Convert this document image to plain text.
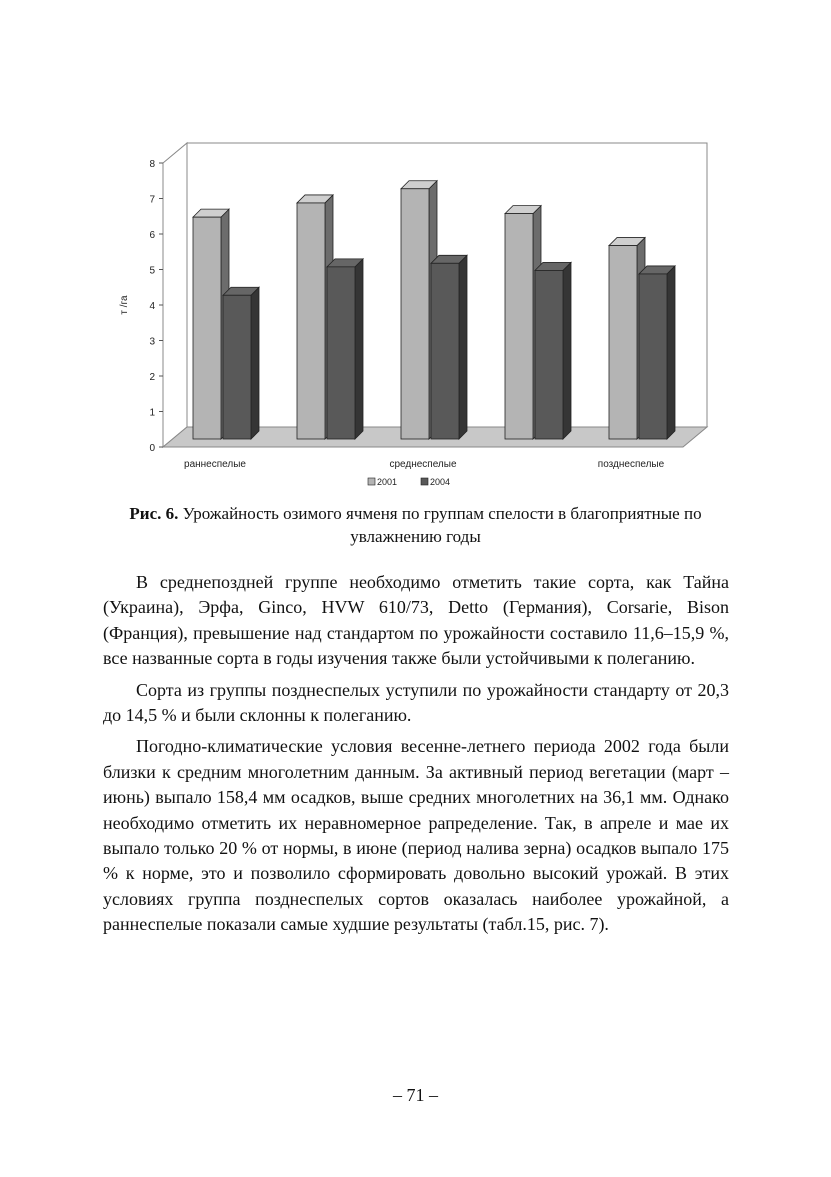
0
1
2
3
4
5
6
7
8
т /га
раннеспелые	среднеспелые	позднеспелые
2001	2004
Рис. 6. Урожайность озимого ячменя по группам спелости в благоприятные по увлажнению годы

В среднепоздней группе необходимо отметить такие сорта, как Тайна (Украина), Эрфа, Ginco, HVW 610/73, Detto (Германия), Corsarie, Bison (Франция), превышение над стандартом по урожайности составило 11,6–15,9 %, все названные сорта в годы изучения также были устойчивыми к полеганию.

Сорта из группы позднеспелых уступили по урожайности стандарту от 20,3 до 14,5 % и были склонны к полеганию.

Погодно-климатические условия весенне-летнего периода 2002 года были близки к средним многолетним данным. За активный период вегетации (март – июнь) выпало 158,4 мм осадков, выше средних многолетних на 36,1 мм. Однако необходимо отметить их неравномерное рапределение. Так, в апреле и мае их выпало только 20 % от нормы, в июне (период налива зерна) осадков выпало 175 % к норме, это и позволило сформировать довольно высокий урожай. В этих условиях группа позднеспелых сортов оказалась наиболее урожайной, а раннеспелые показали самые худшие результаты (табл.15, рис. 7).

– 71 –
